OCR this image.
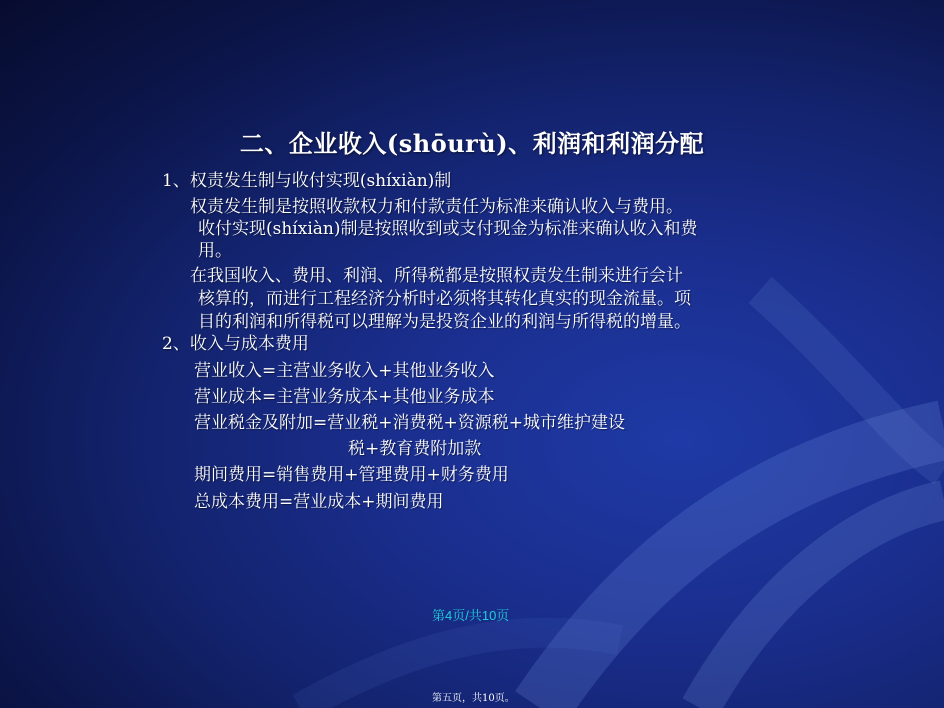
二、企业收入(shōurù)、利润和利润分配
1、权责发生制与收付实现(shíxiàn)制
权责发生制是按照收款权力和付款责任为标准来确认收入与费用。
收付实现(shíxiàn)制是按照收到或支付现金为标准来确认收入和费
用。
在我国收入、费用、利润、所得税都是按照权责发生制来进行会计
核算的，而进行工程经济分析时必须将其转化真实的现金流量。项
目的利润和所得税可以理解为是投资企业的利润与所得税的增量。
2、收入与成本费用
营业收入=主营业务收入+其他业务收入
营业成本=主营业务成本+其他业务成本
营业税金及附加=营业税+消费税+资源税+城市维护建设
税+教育费附加款
期间费用=销售费用+管理费用+财务费用
总成本费用=营业成本+期间费用
第4页/共10页
第五页，共10页。
